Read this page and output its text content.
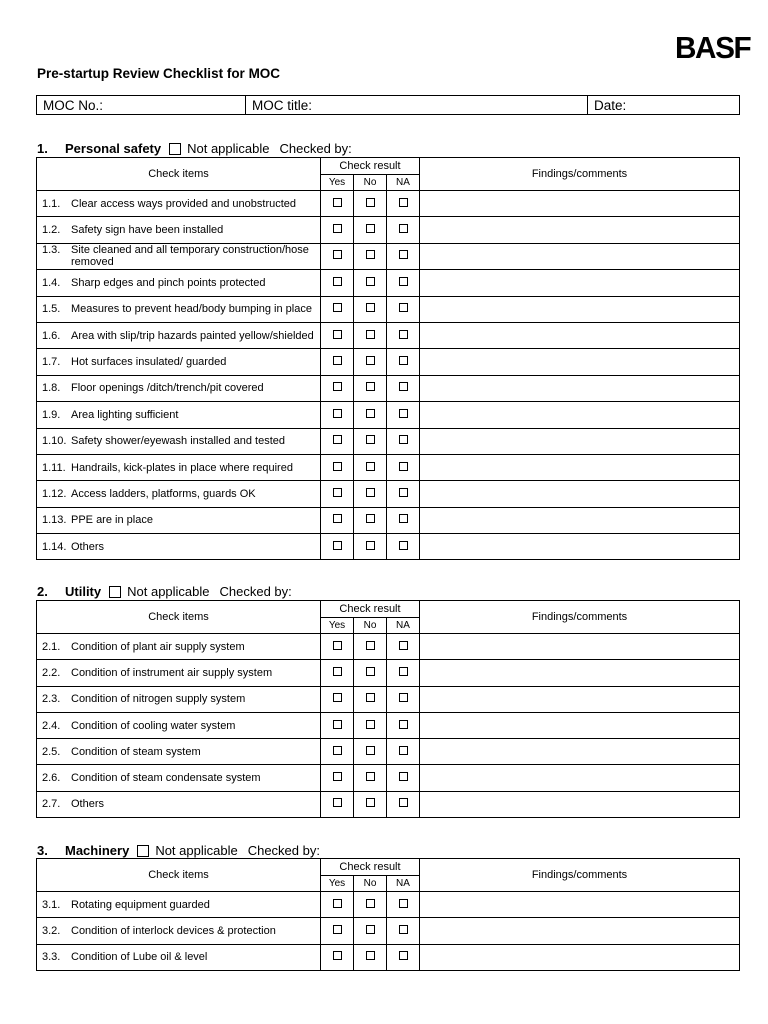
BASF
Pre-startup Review Checklist for MOC
MOC No.:	MOC title:	Date:
1.	Personal safety Not applicable Checked by:
2.	Utility Not applicable Checked by:
3.	Machinery Not applicable Checked by:
Check items	Check result			Findings/comments
	Yes	No	NA	

1.1. Clear access ways provided and unobstructed				

1.2. Safety sign have been installed				

1.3. Site cleaned and all temporary construction/hose removed				

1.4. Sharp edges and pinch points protected				

1.5. Measures to prevent head/body bumping in place				

1.6. Area with slip/trip hazards painted yellow/shielded				

1.7. Hot surfaces insulated/ guarded				

1.8. Floor openings /ditch/trench/pit covered				

1.9. Area lighting sufficient				

1.10. Safety shower/eyewash installed and tested				

1.11. Handrails, kick-plates in place where required				

1.12. Access ladders, platforms, guards OK				

1.13. PPE are in place				

1.14. Others				

Check items	Check result			Findings/comments
	Yes	No	NA	

2.1. Condition of plant air supply system				

2.2. Condition of instrument air supply system				

2.3. Condition of nitrogen supply system				

2.4. Condition of cooling water system				

2.5. Condition of steam system				

2.6. Condition of steam condensate system				

2.7. Others				

Check items	Check result			Findings/comments
	Yes	No	NA	

3.1. Rotating equipment guarded				

3.2. Condition of interlock devices & protection				

3.3. Condition of Lube oil & level				
